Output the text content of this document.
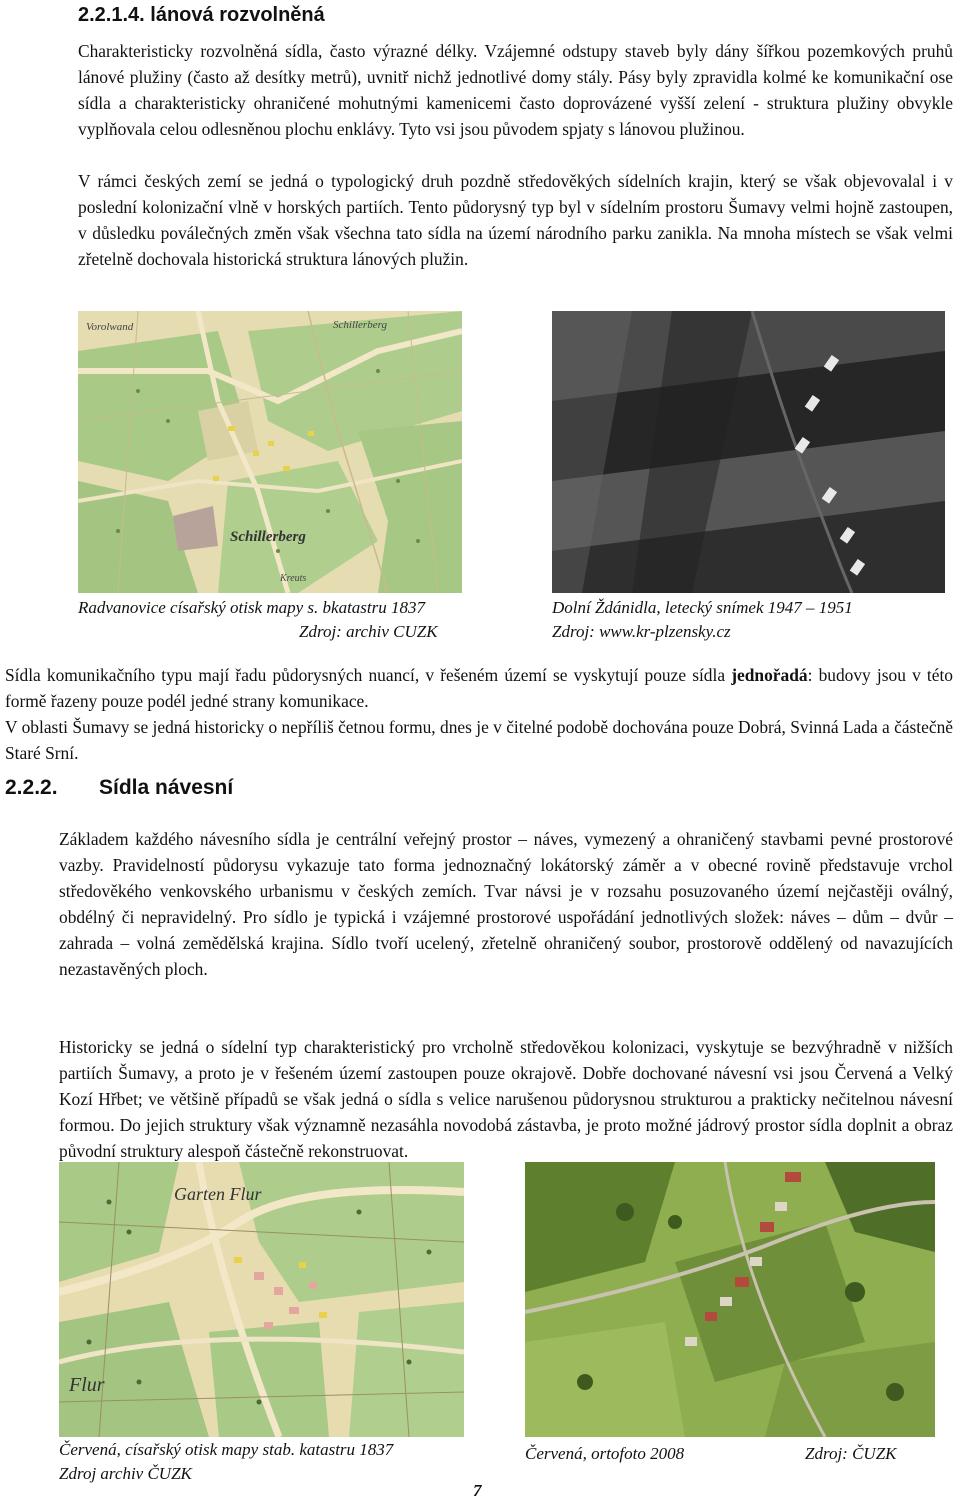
2.2.1.4. lánová rozvolněná
Charakteristicky rozvolněná sídla, často výrazné délky. Vzájemné odstupy staveb byly dány šířkou pozemkových pruhů lánové plužiny (často až desítky metrů), uvnitř nichž jednotlivé domy stály. Pásy byly zpravidla kolmé ke komunikační ose sídla a charakteristicky ohraničené mohutnými kamenicemi často doprovázené vyšší zelení - struktura plužiny obvykle vyplňovala celou odlesněnou plochu enklávy. Tyto vsi jsou původem spjaty s lánovou plužinou.
V rámci českých zemí se jedná o typologický druh pozdně středověkých sídelních krajin, který se však objevovalal i v poslední kolonizační vlně v horských partiích. Tento půdorysný typ byl v sídelním prostoru Šumavy velmi hojně zastoupen, v důsledku poválečných změn však všechna tato sídla na území národního parku zanikla. Na mnoha místech se však velmi zřetelně dochovala historická struktura lánových plužin.
Vorolwand	Schillerberg
Schillerberg
Kreuts
Radvanovice císařský otisk mapy s. bkatastru 1837
Zdroj: archiv CUZK
Dolní Ždánidla, letecký snímek 1947 – 1951
Zdroj: www.kr-plzensky.cz
Sídla komunikačního typu mají řadu půdorysných nuancí, v řešeném území se vyskytují pouze sídla jednořadá: budovy jsou v této formě řazeny pouze podél jedné strany komunikace.
V oblasti Šumavy se jedná historicky o nepříliš četnou formu, dnes je v čitelné podobě dochována pouze Dobrá, Svinná Lada a částečně Staré Srní.
2.2.2. Sídla návesní
Základem každého návesního sídla je centrální veřejný prostor – náves, vymezený a ohraničený stavbami pevné prostorové vazby. Pravidelností půdorysu vykazuje tato forma jednoznačný lokátorský záměr a v obecné rovině představuje vrchol středověkého venkovského urbanismu v českých zemích. Tvar návsi je v rozsahu posuzovaného území nejčastěji oválný, obdélný či nepravidelný. Pro sídlo je typická i vzájemné prostorové uspořádání jednotlivých složek: náves – dům – dvůr – zahrada – volná zemědělská krajina. Sídlo tvoří ucelený, zřetelně ohraničený soubor, prostorově oddělený od navazujících nezastavěných ploch.
Historicky se jedná o sídelní typ charakteristický pro vrcholně středověkou kolonizaci, vyskytuje se bezvýhradně v nižších partiích Šumavy, a proto je v řešeném území zastoupen pouze okrajově. Dobře dochované návesní vsi jsou Červená a Velký Kozí Hřbet; ve většině případů se však jedná o sídla s velice narušenou půdorysnou strukturou a prakticky nečitelnou návesní formou. Do jejich struktury však významně nezasáhla novodobá zástavba, je proto možné jádrový prostor sídla doplnit a obraz původní struktury alespoň částečně rekonstruovat.
Garten Flur
Flur
Červená, císařský otisk mapy stab. katastru 1837
Zdroj archiv ČUZK
Červená, ortofoto 2008	Zdroj: ČUZK
7
